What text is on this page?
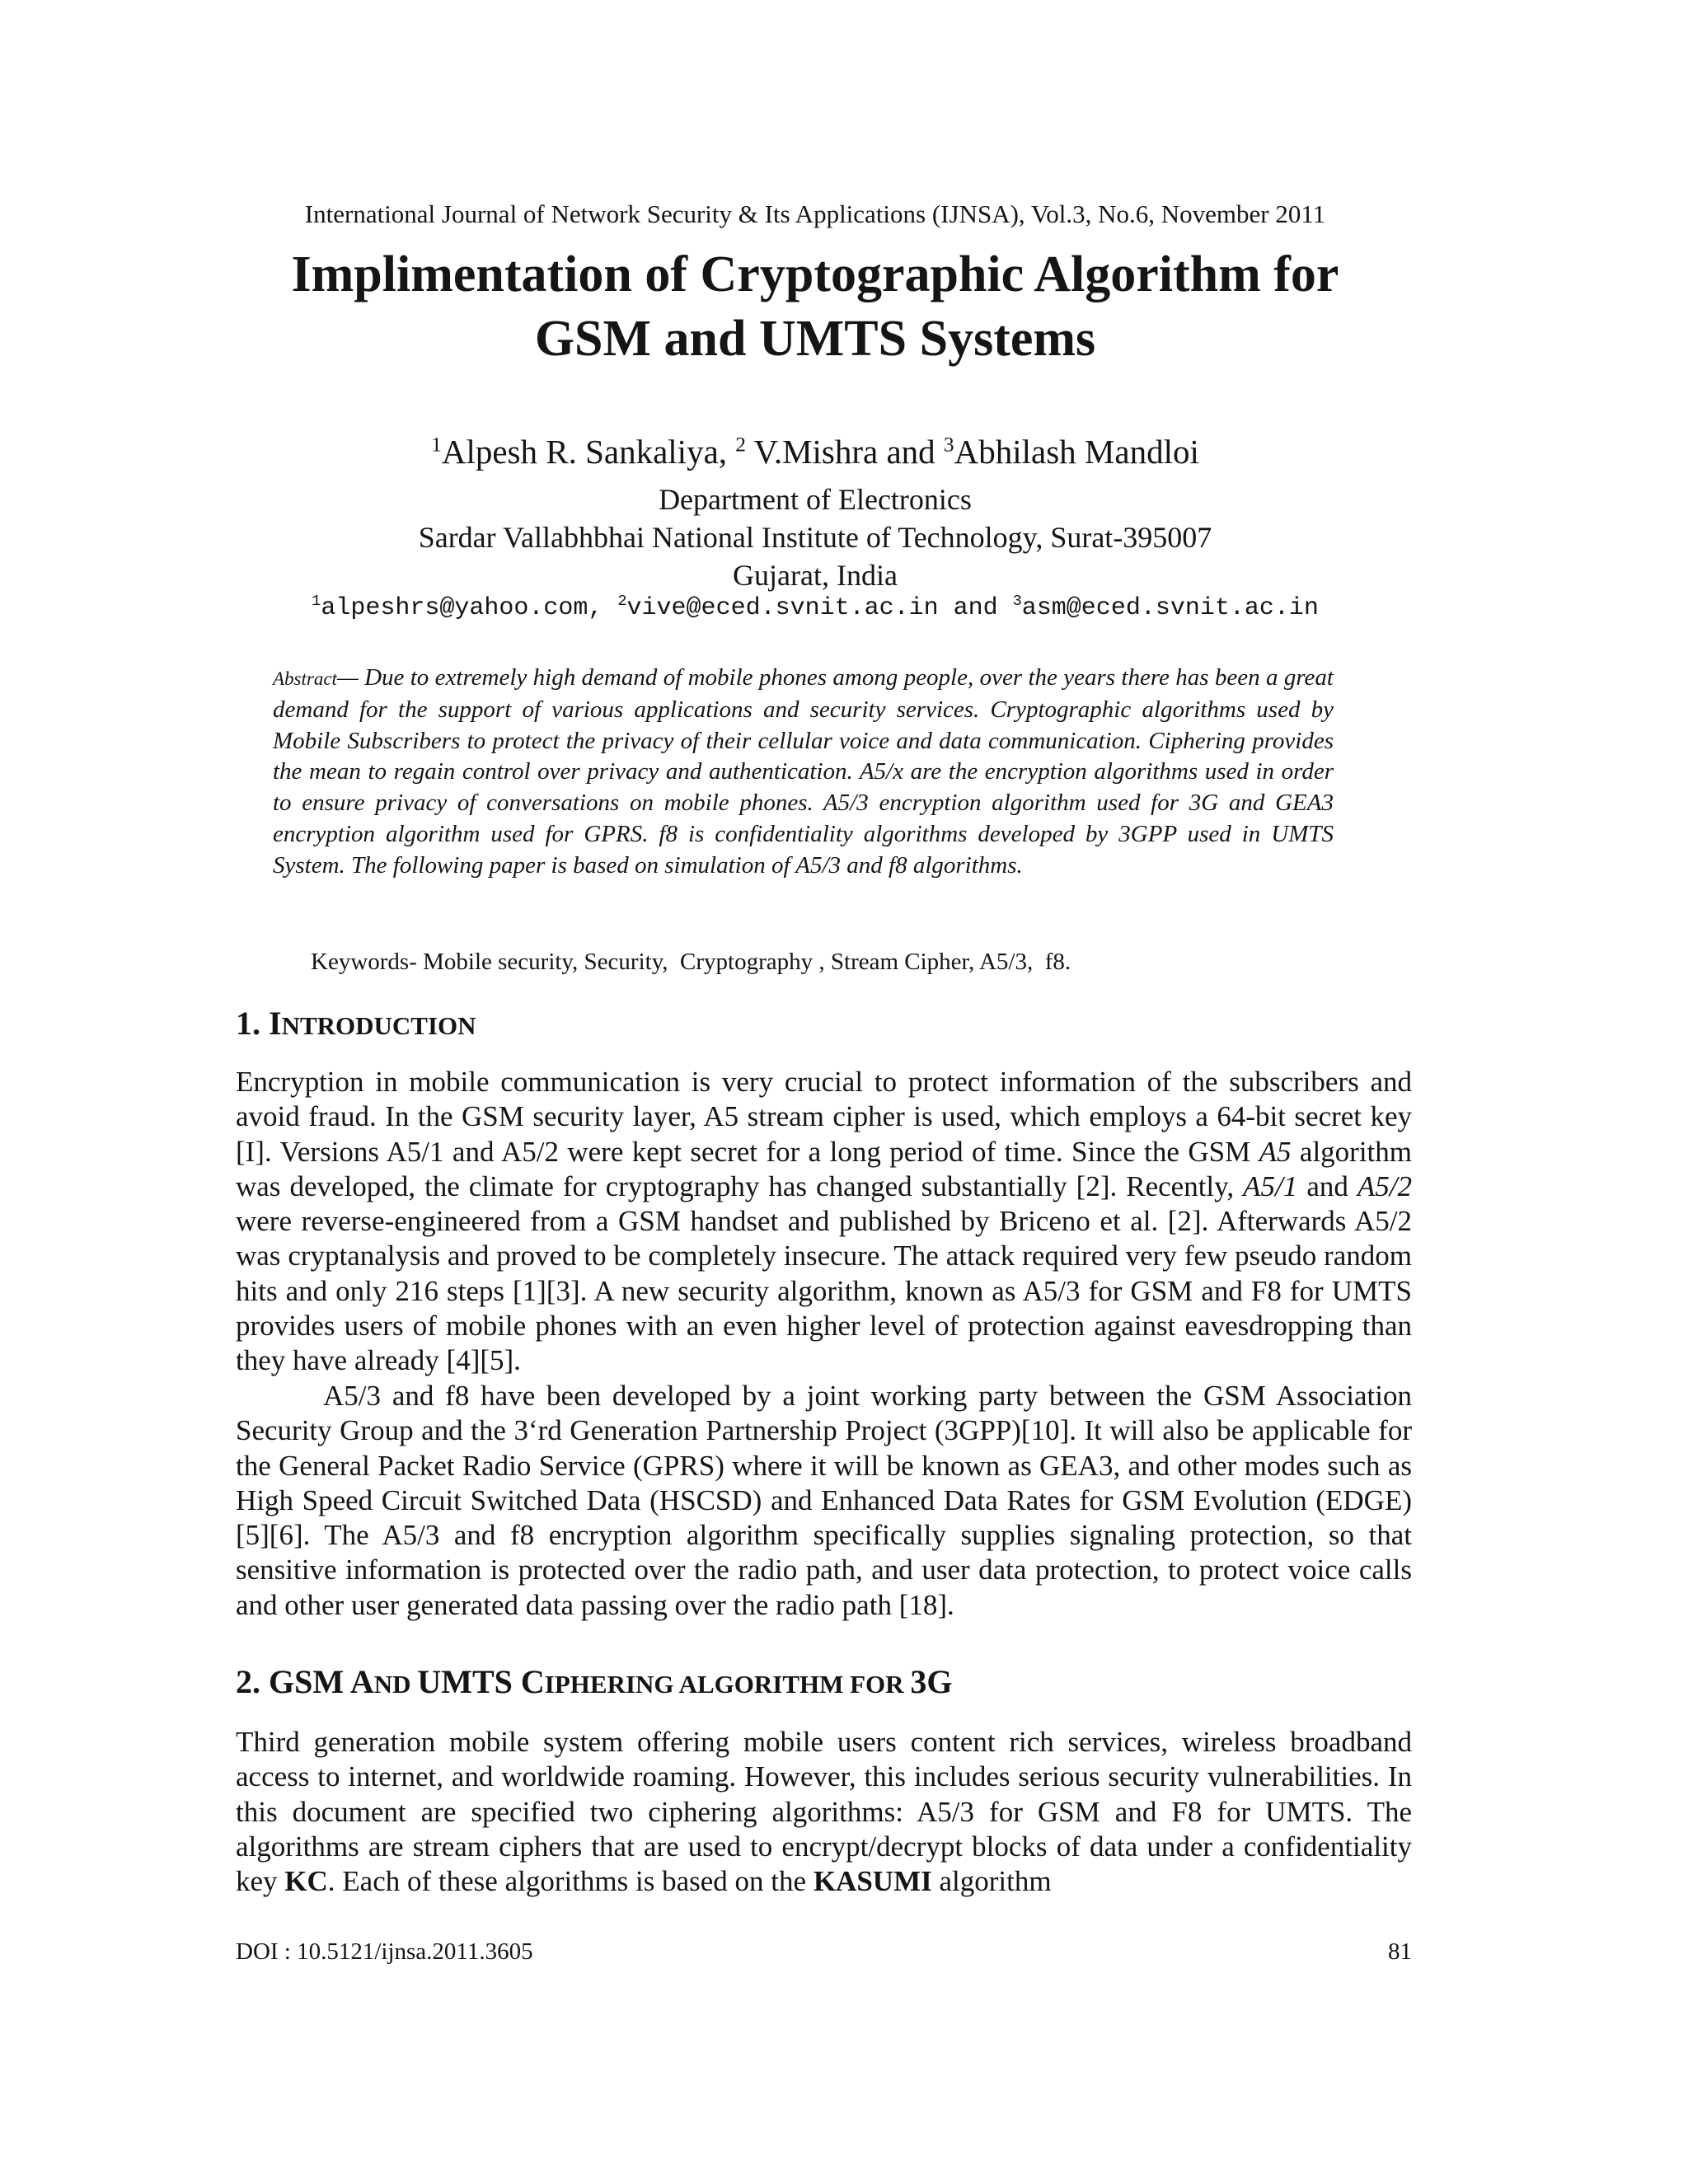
International Journal of Network Security & Its Applications (IJNSA), Vol.3, No.6, November 2011
Implimentation of Cryptographic Algorithm for
GSM and UMTS Systems
$^1$Alpesh R. Sankaliya, $^2$ V.Mishra and $^3$Abhilash Mandloi
Department of Electronics
Sardar Vallabhbhai National Institute of Technology, Surat-395007
Gujarat, India
$^1$alpeshrs@yahoo.com, $^2$vive@eced.svnit.ac.in and $^3$asm@eced.svnit.ac.in

Abstract— Due to extremely high demand of mobile phones among people, over the years there has been a great demand for the support of various applications and security services. Cryptographic algorithms used by Mobile Subscribers to protect the privacy of their cellular voice and data communication. Ciphering provides the mean to regain control over privacy and authentication. A5/x are the encryption algorithms used in order to ensure privacy of conversations on mobile phones. A5/3 encryption algorithm used for 3G and GEA3 encryption algorithm used for GPRS. f8 is confidentiality algorithms developed by 3GPP used in UMTS System. The following paper is based on simulation of A5/3 and f8 algorithms.

Keywords- Mobile security, Security,  Cryptography , Stream Cipher, A5/3,  f8.
1. INTRODUCTION

Encryption in mobile communication is very crucial to protect information of the subscribers and avoid fraud. In the GSM security layer, A5 stream cipher is used, which employs a 64-bit secret key [I]. Versions A5/1 and A5/2 were kept secret for a long period of time. Since the GSM A5 algorithm was developed, the climate for cryptography has changed substantially [2]. Recently, A5/1 and A5/2 were reverse-engineered from a GSM handset and published by Briceno et al. [2]. Afterwards A5/2 was cryptanalysis and proved to be completely insecure. The attack required very few pseudo random hits and only 216 steps [1][3]. A new security algorithm, known as A5/3 for GSM and F8 for UMTS provides users of mobile phones with an even higher level of protection against eavesdropping than they have already [4][5].

A5/3 and f8 have been developed by a joint working party between the GSM Association Security Group and the 3‘rd Generation Partnership Project (3GPP)[10]. It will also be applicable for the General Packet Radio Service (GPRS) where it will be known as GEA3, and other modes such as High Speed Circuit Switched Data (HSCSD) and Enhanced Data Rates for GSM Evolution (EDGE) [5][6]. The A5/3 and f8 encryption algorithm specifically supplies signaling protection, so that sensitive information is protected over the radio path, and user data protection, to protect voice calls and other user generated data passing over the radio path [18].

2. GSM AND UMTS CIPHERING ALGORITHM FOR 3G

Third generation mobile system offering mobile users content rich services, wireless broadband access to internet, and worldwide roaming. However, this includes serious security vulnerabilities. In this document are specified two ciphering algorithms: A5/3 for GSM and F8 for UMTS. The algorithms are stream ciphers that are used to encrypt/decrypt blocks of data under a confidentiality key KC. Each of these algorithms is based on the KASUMI algorithm

DOI : 10.5121/ijnsa.2011.3605	81
